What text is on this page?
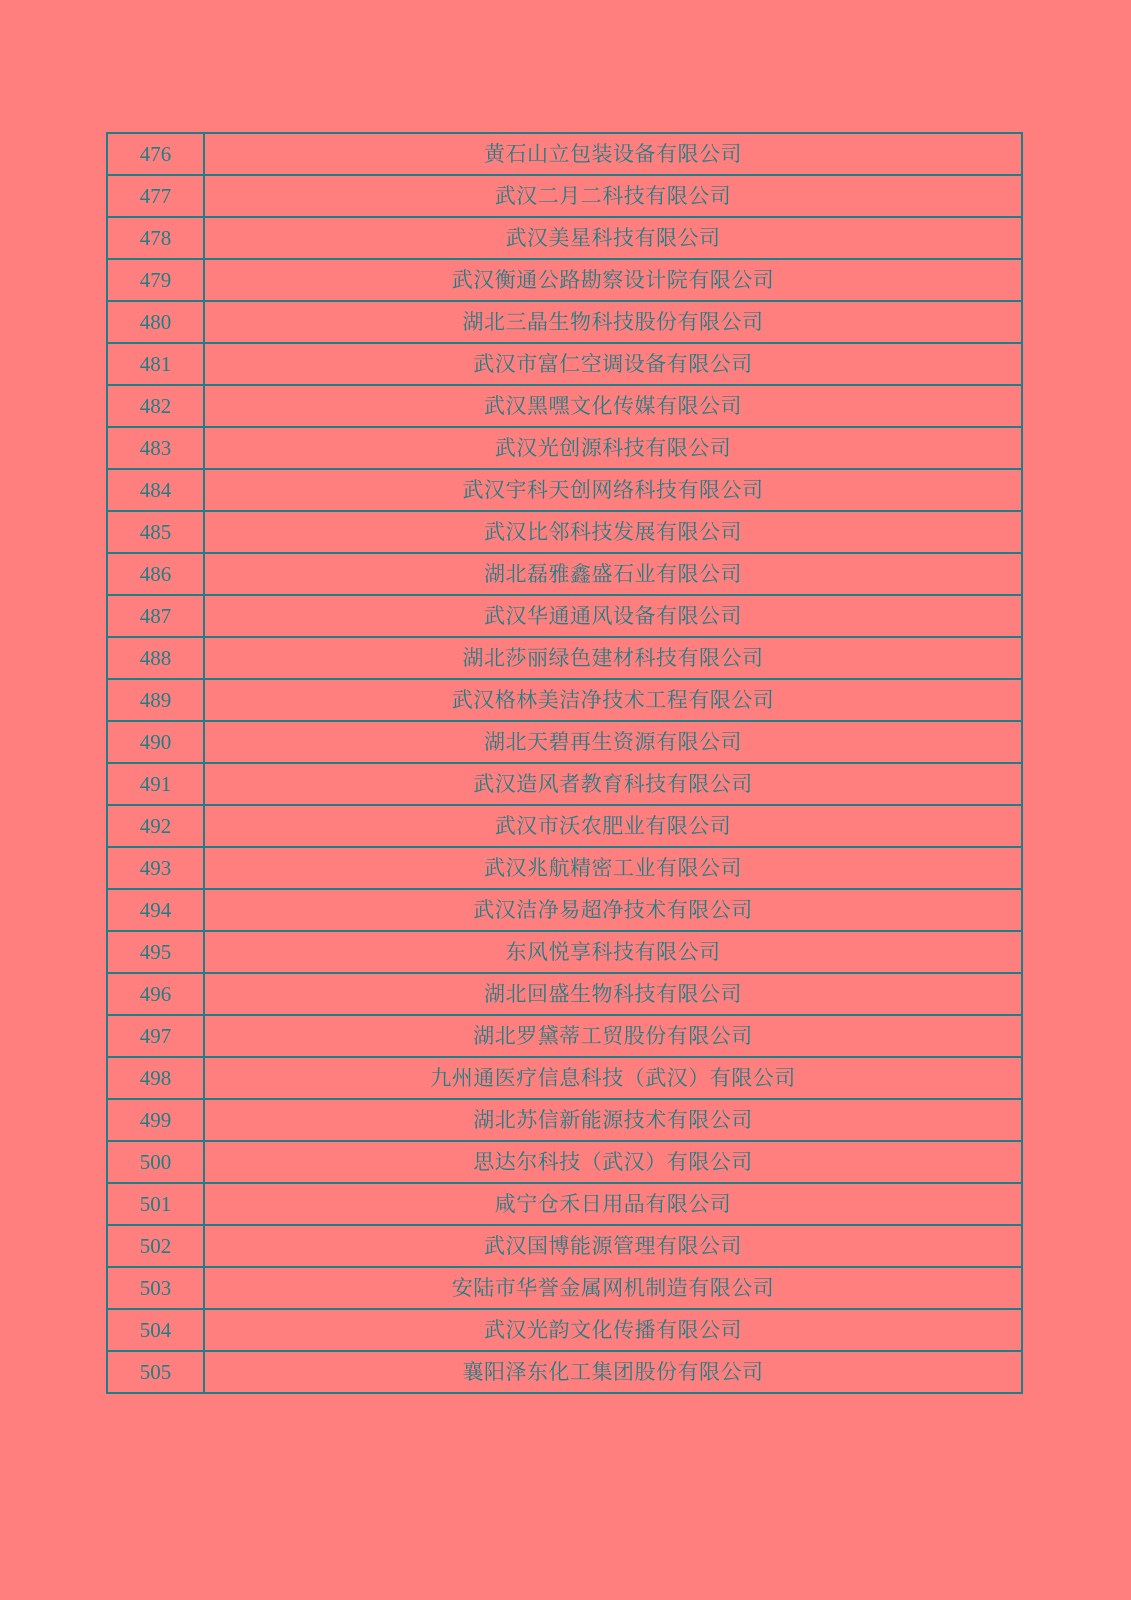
476	黄石山立包装设备有限公司
477	武汉二月二科技有限公司
478	武汉美星科技有限公司
479	武汉衡通公路勘察设计院有限公司
480	湖北三晶生物科技股份有限公司
481	武汉市富仁空调设备有限公司
482	武汉黑嘿文化传媒有限公司
483	武汉光创源科技有限公司
484	武汉宇科天创网络科技有限公司
485	武汉比邻科技发展有限公司
486	湖北磊雅鑫盛石业有限公司
487	武汉华通通风设备有限公司
488	湖北莎丽绿色建材科技有限公司
489	武汉格林美洁净技术工程有限公司
490	湖北天碧再生资源有限公司
491	武汉造风者教育科技有限公司
492	武汉市沃农肥业有限公司
493	武汉兆航精密工业有限公司
494	武汉洁净易超净技术有限公司
495	东风悦享科技有限公司
496	湖北回盛生物科技有限公司
497	湖北罗黛蒂工贸股份有限公司
498	九州通医疗信息科技（武汉）有限公司
499	湖北苏信新能源技术有限公司
500	思达尔科技（武汉）有限公司
501	咸宁仓禾日用品有限公司
502	武汉国博能源管理有限公司
503	安陆市华誉金属网机制造有限公司
504	武汉光韵文化传播有限公司
505	襄阳泽东化工集团股份有限公司
